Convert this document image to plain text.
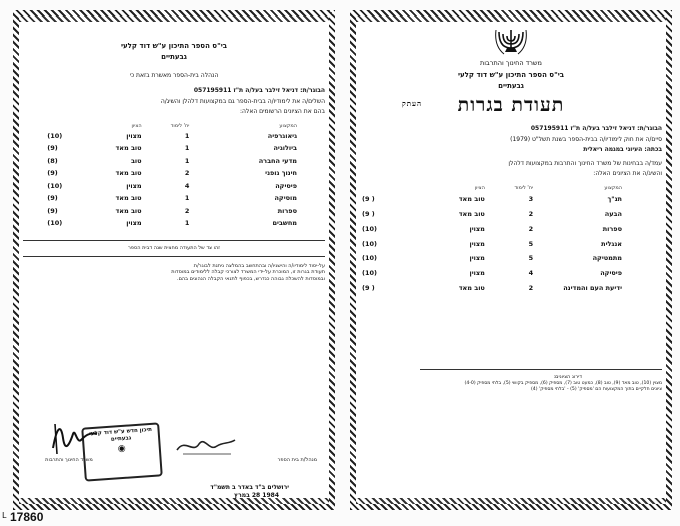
בי"ס הספר התיכון ע"ש דוד קלעי
גבעתיים
הנהלה בית-הספר מאשרת בזאת כי
הבוגר/ת: דניאל זילבר בעל/ה ת"ז 057195911
השלים/ה את לימודיו/ה בבית-הספר גם במקצועות דלהלן והשיג/ה
בהם את הציונים הרשומים האלה:
המקצוע	יח' לימוד	הציון	
גיאוגרפיה	1	מצוין	(10)
ביולוגיה	1	טוב מאד	(9)
מדעי החברה	1	טוב	(8)
חינוך גופני	2	טוב מאד	(9)
פיסיקה	4	מצוין	(10)
מוסיקה	1	טוב מאד	(9)
ספרות	2	טוב מאד	(9)
מחשבים	1	מצוין	(10)
זהו צד של התעודה מחצית שנה דבית הספר
על-יסוד לימודיו/ה והישגיו/ה ובהתחשב בהמלצה ניתנת לבוגר/ת
תעודת בגרות זו, המוכרת על-ידי המשרד לצורכי קבלה ללימודים במוסדות
ובמוסדות להשכלה גבוהה כנדרש, בכפוף לתנאי הקבלה הנהוגים בהם.
תיכון חדש ע"ש דוד קלעי גבעתיים
◉
מנהל/ת בית הספר
משרד החינוך והתרבות
ירושלים ב"ד באדר ב תשמ"ד
1984 28 במרץ
L 17860
משרד החינוך והתרבות
בי"ס הספר התיכון ע"ש דוד קלעי
גבעתיים
העתק תעודת בגרות
הבוגר/ת: דניאל זילבר בעל/ה ת"ז 057195911
סיים/ה את חוק לימודיו/ה בבית-הספר בשנת תשל"ט (1979)
בכתה: העיוני במגמה ריאלית
עמד/ה בבחינות של משרד החינוך והתרבות במקצועות דלהלן
והשיג/ה את הציונים האלה:
המקצוע	יח' לימוד	הציון	
תנ"ך	3	טוב מאד	( 9)
הבעה	2	טוב מאד	( 9)
ספרות	2	מצוין	(10)
אנגלית	5	מצוין	(10)
מתמטיקה	5	מצוין	(10)
פיסיקה	4	מצוין	(10)
ידיעת העם והמדינה	2	טוב מאד	( 9)
דירוג הציונים:
מצוין (10), טוב מאד (9), טוב (8), כמעט טוב (7), מספיק (6), מספיק בקושי (5), בלתי מספיק (4-0)
ציונים חלקיים בתוך המקצועות הם 'מספיק' (5) - 'בלתי מספיק' (4)
